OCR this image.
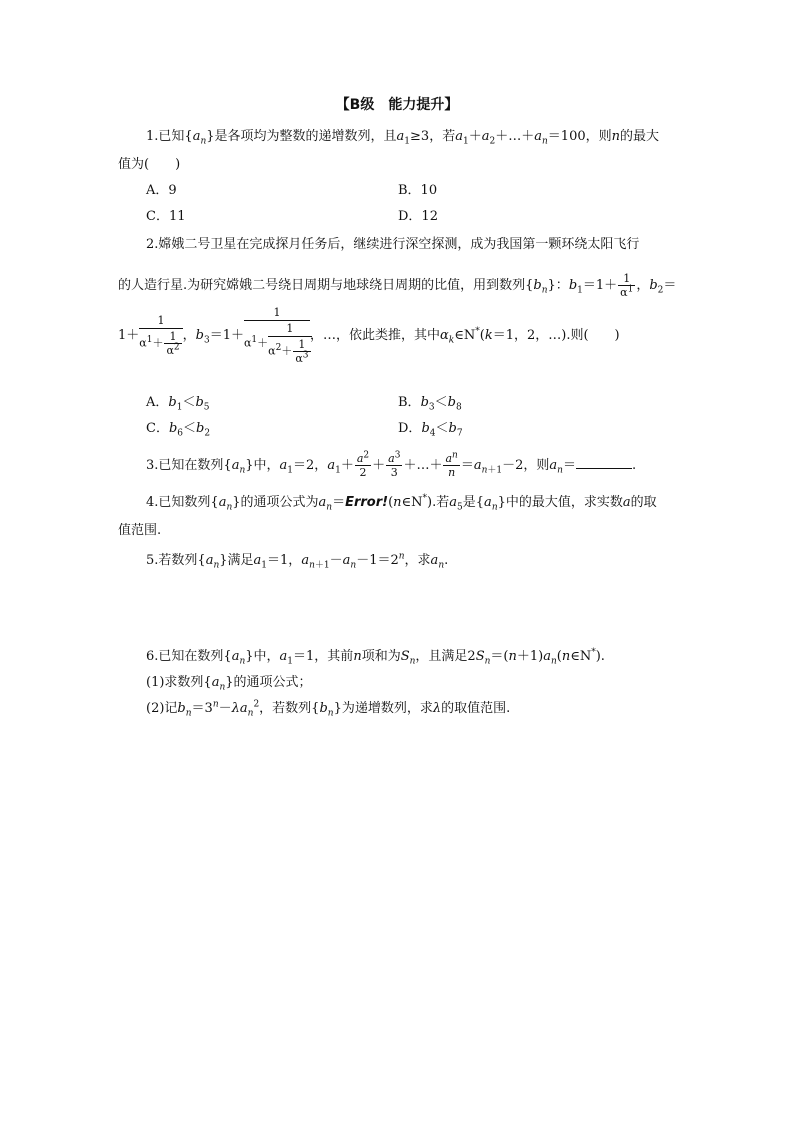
【B级　能力提升】
1.已知$\{a_n\}$是各项均为整数的递增数列，且$a_1\ge 3$，若$a_1+a_2+\dots+a_n=100$，则n的最大
值为(　　)
A．9	B．10
C．11	D．12
2.嫦娥二号卫星在完成探月任务后，继续进行深空探测，成为我国第一颗环绕太阳飞行
的人造行星.为研究嫦娥二号绕日周期与地球绕日周期的比值，用到数列$\{b_n\}$：$b_1=1+ \frac{1}{\alpha^1}$ ，$b_2=$
$1+ \frac{1}{\alpha^1+ \frac{1}{\alpha^2}}$ ，$b_3=1+ \frac{1}{\alpha^1+ \frac{1}{\alpha^2+ \frac{1}{\alpha^3}}}$ ，…，依此类推，其中$\alpha_k\in N^*(k=1$，2，…).则(　　)
A．$b_1<b_5$	B．$b_3<b_8$
C．$b_6<b_2$	D．$b_4<b_7$
3.已知在数列$\{a_n\}$中，$a_1=2$，$a_1+ \frac{a^2}{2} + \frac{a^3}{3}$ ＋…＋ $\frac{a^n}{n} =a_{n+1}-2$，则$a_n=$	.
4.已知数列$\{a_n\}$的通项公式为$a_n=Error!(n\in N^*)$.若$a_5$是$\{a_n\}$中的最大值，求实数a的取
值范围.
5.若数列$\{a_n\}$满足$a_1=1$，$a_{n+1}-a_n-1=2^n$，求$a_n$.
6.已知在数列$\{a_n\}$中，$a_1=1$，其前n项和为$S_n$，且满足$2S_n=(n+1)a_n(n\in N^*)$.
(1)求数列$\{a_n\}$的通项公式；
(2)记$b_n=3^n-\lambda a_n^2$，若数列$\{b_n\}$为递增数列，求λ的取值范围.
